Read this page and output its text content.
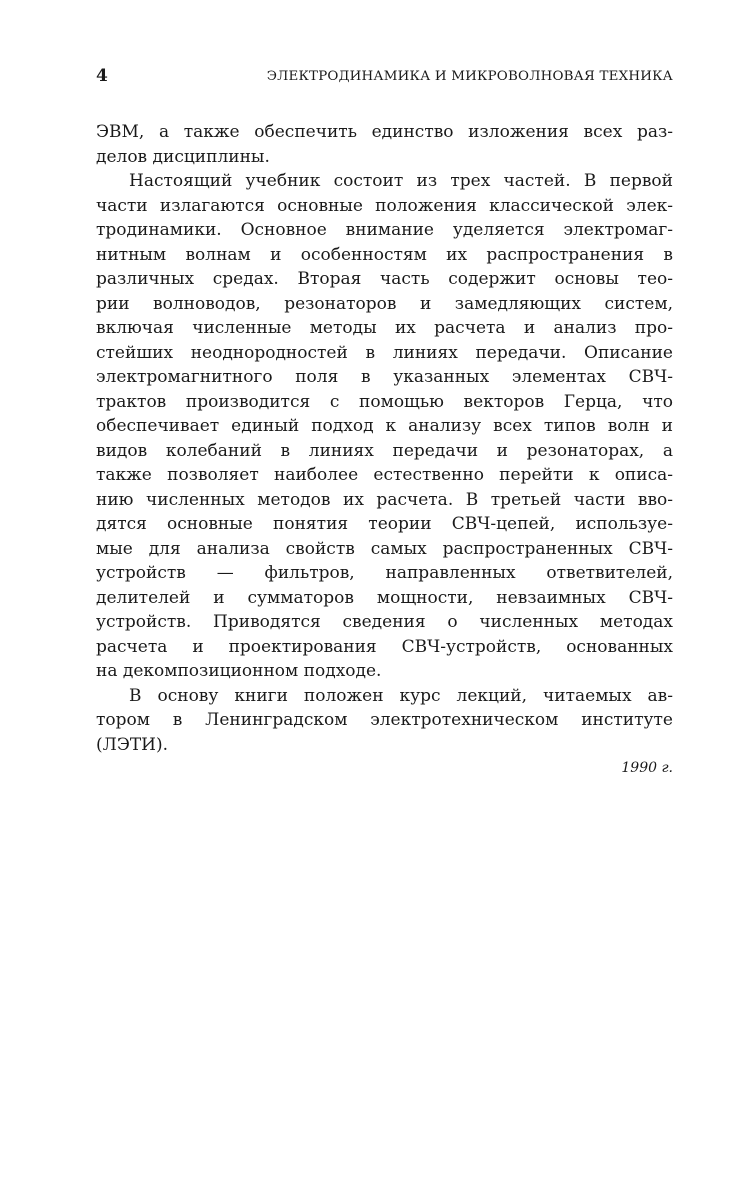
4	ЭЛЕКТРОДИНАМИКА И МИКРОВОЛНОВАЯ ТЕХНИКА
ЭВМ, а также обеспечить единство изложения всех раз-
делов дисциплины.
Настоящий учебник состоит из трех частей. В первой
части излагаются основные положения классической элек-
тродинамики. Основное внимание уделяется электромаг-
нитным волнам и особенностям их распространения в
различных средах. Вторая часть содержит основы тео-
рии волноводов, резонаторов и замедляющих систем,
включая численные методы их расчета и анализ про-
стейших неоднородностей в линиях передачи. Описание
электромагнитного поля в указанных элементах СВЧ-
трактов производится с помощью векторов Герца, что
обеспечивает единый подход к анализу всех типов волн и
видов колебаний в линиях передачи и резонаторах, а
также позволяет наиболее естественно перейти к описа-
нию численных методов их расчета. В третьей части вво-
дятся основные понятия теории СВЧ-цепей, используе-
мые для анализа свойств самых распространенных СВЧ-
устройств — фильтров, направленных ответвителей,
делителей и сумматоров мощности, невзаимных СВЧ-
устройств. Приводятся сведения о численных методах
расчета и проектирования СВЧ-устройств, основанных
на декомпозиционном подходе.
В основу книги положен курс лекций, читаемых ав-
тором в Ленинградском электротехническом институте
(ЛЭТИ).
1990 г.
